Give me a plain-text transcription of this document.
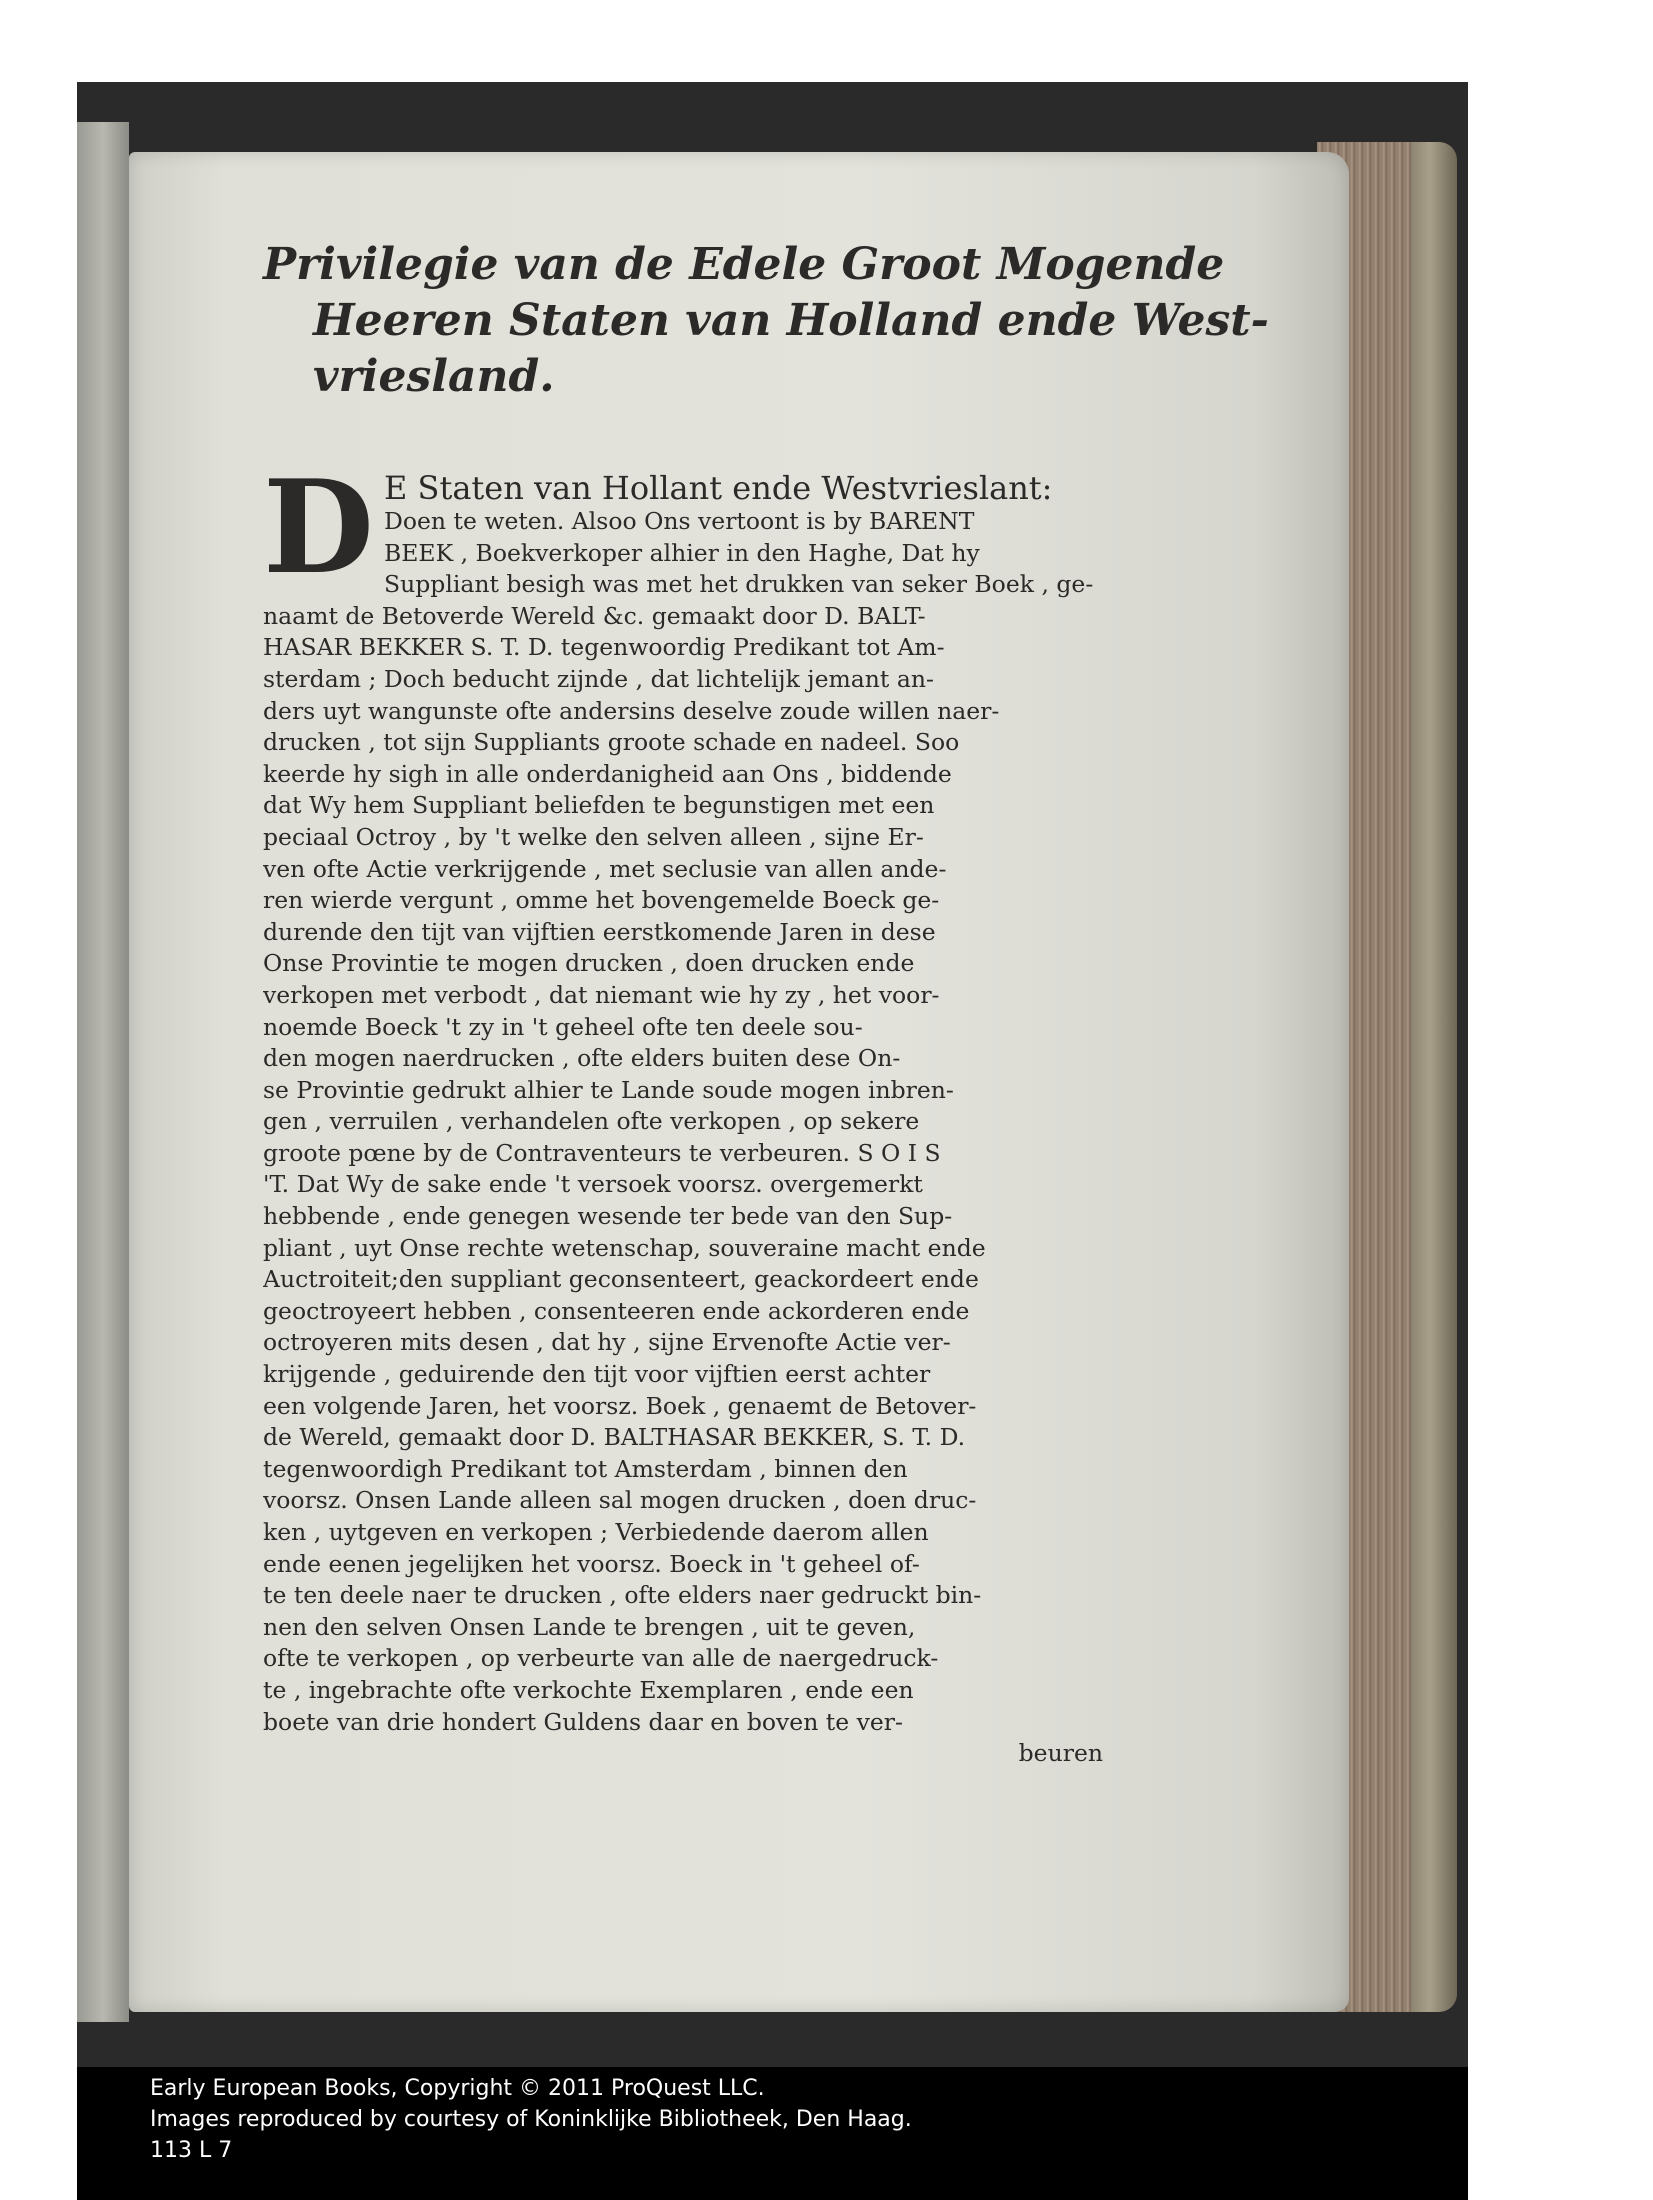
Privilegie van de Edele Groot Mogende
Heeren Staten van Holland ende West-
vriesland.
D E Staten van Hollant ende Westvrieslant:
Doen te weten. Alsoo Ons vertoont is by BARENT
BEEK , Boekverkoper alhier in den Haghe, Dat hy
Suppliant besigh was met het drukken van seker Boek , ge-
naamt de Betoverde Wereld &c. gemaakt door D. BALT-
HASAR BEKKER S. T. D. tegenwoordig Predikant tot Am-
sterdam ; Doch beducht zijnde , dat lichtelijk jemant an-
ders uyt wangunste ofte andersins deselve zoude willen naer-
drucken , tot sijn Suppliants groote schade en nadeel. Soo
keerde hy sigh in alle onderdanigheid aan Ons , biddende
dat Wy hem Suppliant beliefden te begunstigen met een
peciaal Octroy , by 't welke den selven alleen , sijne Er-
ven ofte Actie verkrijgende , met seclusie van allen ande-
ren wierde vergunt , omme het bovengemelde Boeck ge-
durende den tijt van vijftien eerstkomende Jaren in dese
Onse Provintie te mogen drucken , doen drucken ende
verkopen met verbodt , dat niemant wie hy zy , het voor-
noemde Boeck 't zy in 't geheel ofte ten deele sou-
den mogen naerdrucken , ofte elders buiten dese On-
se Provintie gedrukt alhier te Lande soude mogen inbren-
gen , verruilen , verhandelen ofte verkopen , op sekere
groote pœne by de Contraventeurs te verbeuren. S O I S
'T. Dat Wy de sake ende 't versoek voorsz. overgemerkt
hebbende , ende genegen wesende ter bede van den Sup-
pliant , uyt Onse rechte wetenschap, souveraine macht ende
Auctroiteit;den suppliant geconsenteert, geackordeert ende
geoctroyeert hebben , consenteeren ende ackorderen ende
octroyeren mits desen , dat hy , sijne Ervenofte Actie ver-
krijgende , geduirende den tijt voor vijftien eerst achter
een volgende Jaren, het voorsz. Boek , genaemt de Betover-
de Wereld, gemaakt door D. BALTHASAR BEKKER, S. T. D.
tegenwoordigh Predikant tot Amsterdam , binnen den
voorsz. Onsen Lande alleen sal mogen drucken , doen druc-
ken , uytgeven en verkopen ; Verbiedende daerom allen
ende eenen jegelijken het voorsz. Boeck in 't geheel of-
te ten deele naer te drucken , ofte elders naer gedruckt bin-
nen den selven Onsen Lande te brengen , uit te geven,
ofte te verkopen , op verbeurte van alle de naergedruck-
te , ingebrachte ofte verkochte Exemplaren , ende een
boete van drie hondert Guldens daar en boven te ver-
beuren
Early European Books, Copyright © 2011 ProQuest LLC.
Images reproduced by courtesy of Koninklijke Bibliotheek, Den Haag.
113 L 7
